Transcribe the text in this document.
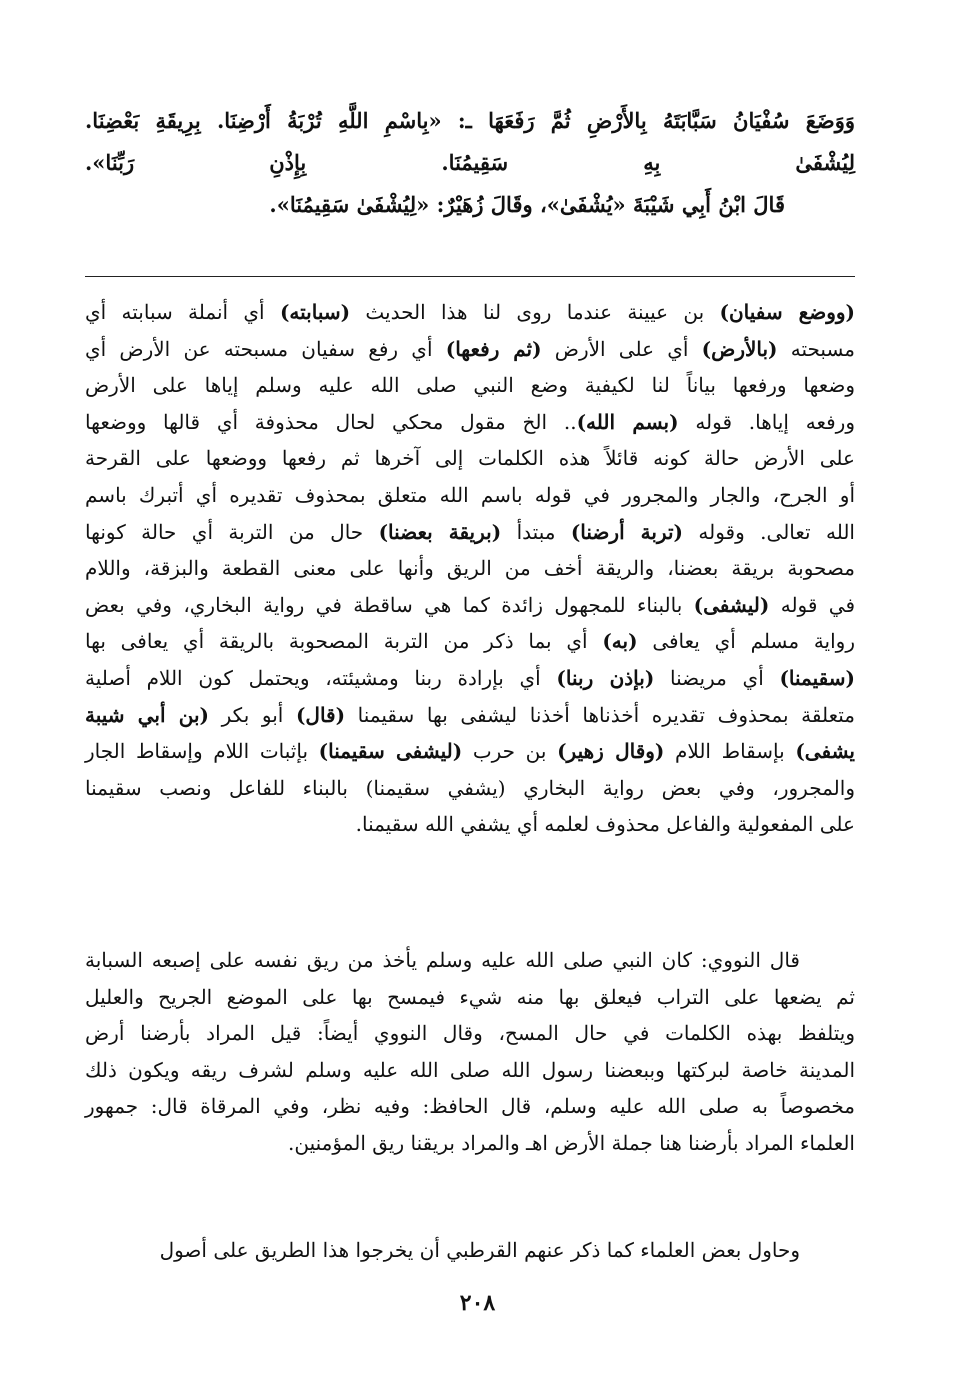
وَوَضَعَ سُفْيَانُ سَبَّابَتَهُ بِالأَرْضِ ثُمَّ رَفَعَهَا ـ: «بِاسْمِ اللَّهِ تُرْبَةُ أَرْضِنَا. بِرِيقَةِ بَعْضِنَا.
لِيُشْفَىٰ بِهِ سَقِيمُنَا. بِإِذْنِ رَبِّنَا».
قَالَ ابْنُ أَبِي شَيْبَةَ «يُشْفَىٰ»، وقَالَ زُهَيْرٌ: «لِيُشْفَىٰ سَقِيمُنَا».
(ووضع سفيان) بن عيينة عندما روى لنا هذا الحديث (سبابته) أي أنملة سبابته أي
مسبحته (بالأرض) أي على الأرض (ثم رفعها) أي رفع سفيان مسبحته عن الأرض أي
وضعها ورفعها بياناً لنا لكيفية وضع النبي صلى الله عليه وسلم إياها على الأرض
ورفعه إياها. قوله (بسم الله).. الخ مقول محكي لحال محذوفة أي قالها ووضعها
على الأرض حالة كونه قائلاً هذه الكلمات إلى آخرها ثم رفعها ووضعها على القرحة
أو الجرح، والجار والمجرور في قوله باسم الله متعلق بمحذوف تقديره أي أتبرك باسم
الله تعالى. وقوله (تربة أرضنا) مبتدأ (بريقة بعضنا) حال من التربة أي حالة كونها
مصحوبة بريقة بعضنا، والريقة أخف من الريق وأنها على معنى القطعة والبزقة، واللام
في قوله (ليشفى) بالبناء للمجهول زائدة كما هي ساقطة في رواية البخاري، وفي بعض
رواية مسلم أي يعافى (به) أي بما ذكر من التربة المصحوبة بالريقة أي يعافى بها
(سقيمنا) أي مريضنا (بإذن ربنا) أي بإرادة ربنا ومشيئته، ويحتمل كون اللام أصلية
متعلقة بمحذوف تقديره أخذناها أخذنا ليشفى بها سقيمنا (قال) أبو بكر (بن أبي شيبة
يشفى) بإسقاط اللام (وقال زهير) بن حرب (ليشفى سقيمنا) بإثبات اللام وإسقاط الجار
والمجرور، وفي بعض رواية البخاري (يشفي سقيمنا) بالبناء للفاعل ونصب سقيمنا
على المفعولية والفاعل محذوف لعلمه أي يشفي الله سقيمنا.
قال النووي: كان النبي صلى الله عليه وسلم يأخذ من ريق نفسه على إصبعه السبابة
ثم يضعها على التراب فيعلق بها منه شيء فيمسح بها على الموضع الجريح والعليل
ويتلفظ بهذه الكلمات في حال المسح، وقال النووي أيضاً: قيل المراد بأرضنا أرض
المدينة خاصة لبركتها وببعضنا رسول الله صلى الله عليه وسلم لشرف ريقه ويكون ذلك
مخصوصاً به صلى الله عليه وسلم، قال الحافظ: وفيه نظر، وفي المرقاة قال: جمهور
العلماء المراد بأرضنا هنا جملة الأرض اهـ والمراد بريقنا ريق المؤمنين.
وحاول بعض العلماء كما ذكر عنهم القرطبي أن يخرجوا هذا الطريق على أصول
٢٠٨
